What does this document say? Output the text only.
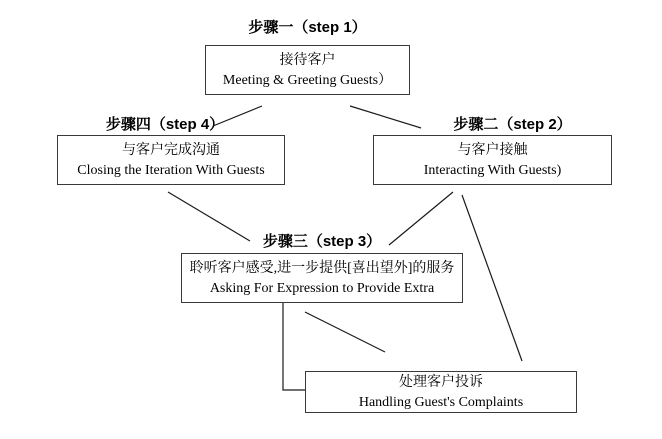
步骤一（step 1）
接待客户
Meeting & Greeting Guests）
步骤四（step 4）
与客户完成沟通
Closing the Iteration With Guests
步骤二（step 2）
与客户接触
Interacting With Guests)
步骤三（step 3）
聆听客户感受,进一步提供[喜出望外]的服务
Asking For Expression to Provide Extra
处理客户投诉
Handling Guest's Complaints
